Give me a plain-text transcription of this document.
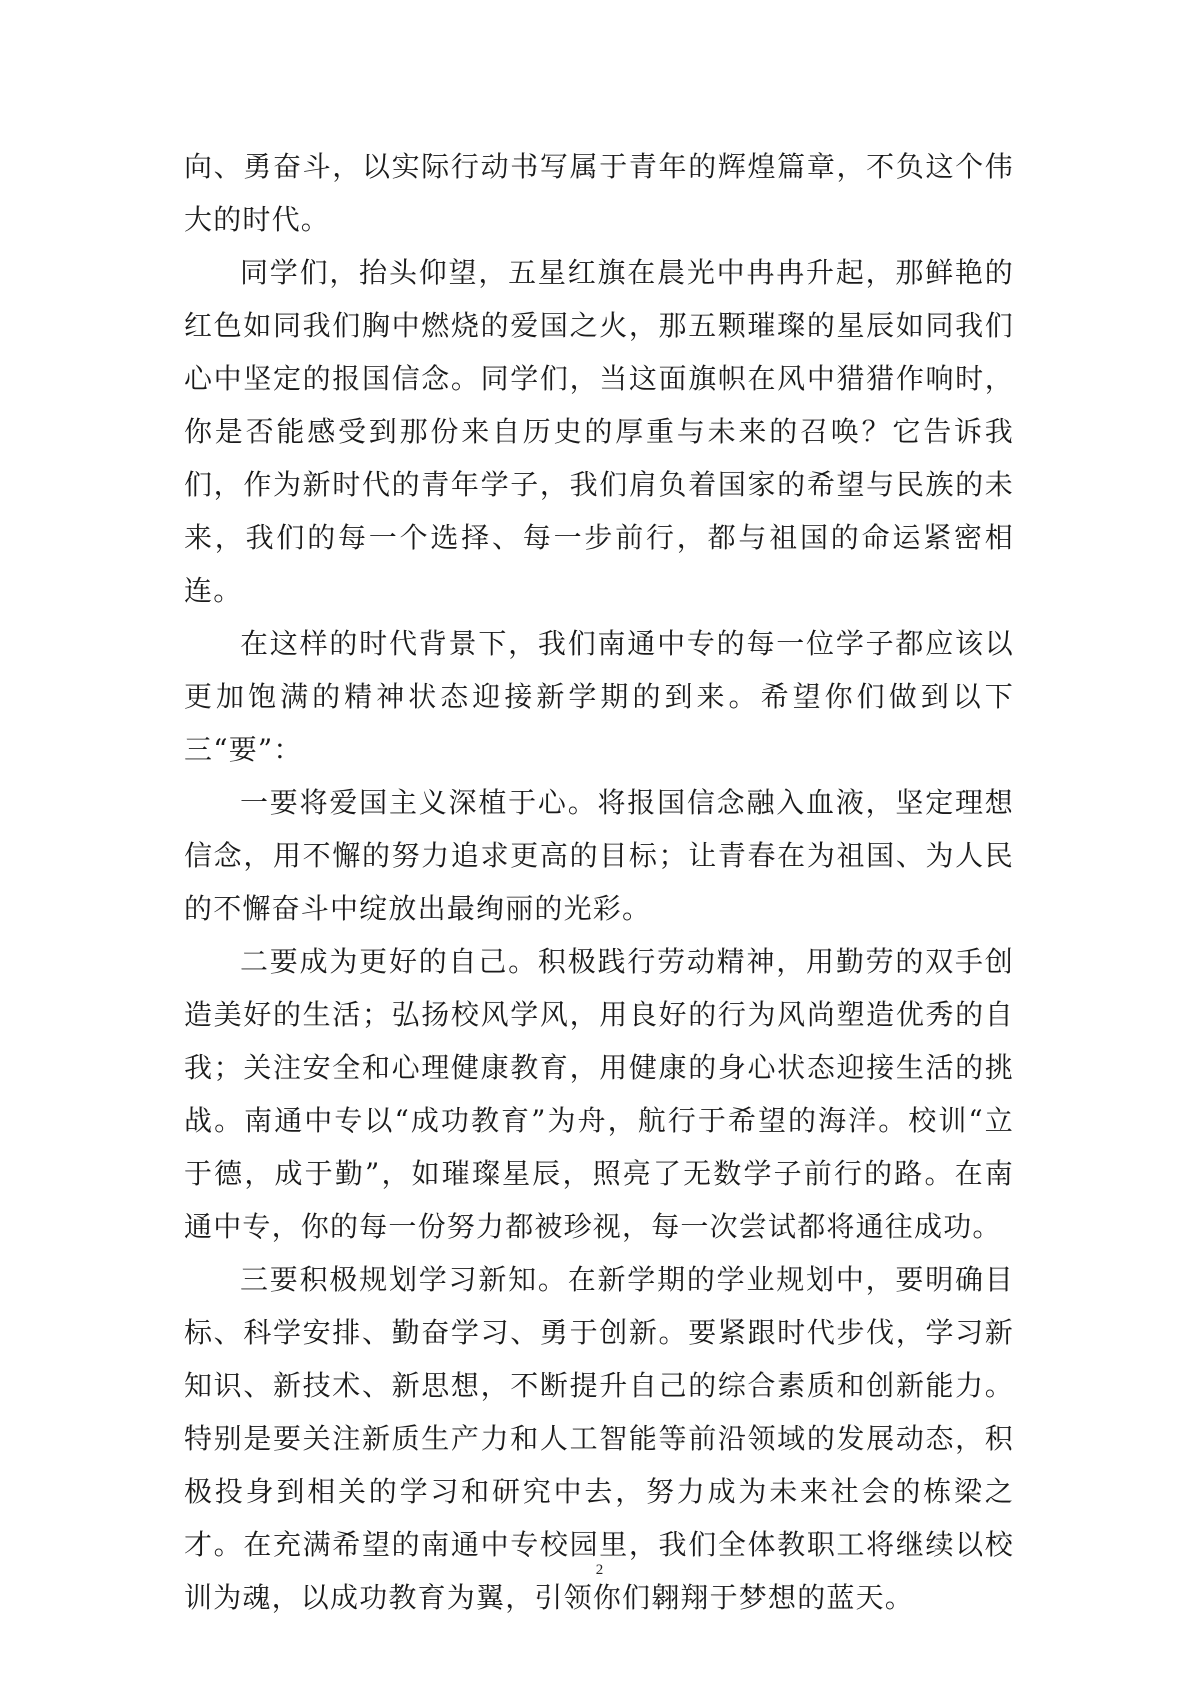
向、勇奋斗，以实际行动书写属于青年的辉煌篇章，不负这个伟大的时代。

同学们，抬头仰望，五星红旗在晨光中冉冉升起，那鲜艳的红色如同我们胸中燃烧的爱国之火，那五颗璀璨的星辰如同我们心中坚定的报国信念。同学们，当这面旗帜在风中猎猎作响时，你是否能感受到那份来自历史的厚重与未来的召唤？它告诉我们，作为新时代的青年学子，我们肩负着国家的希望与民族的未来，我们的每一个选择、每一步前行，都与祖国的命运紧密相连。

在这样的时代背景下，我们南通中专的每一位学子都应该以更加饱满的精神状态迎接新学期的到来。希望你们做到以下三“要”：

一要将爱国主义深植于心。将报国信念融入血液，坚定理想信念，用不懈的努力追求更高的目标；让青春在为祖国、为人民的不懈奋斗中绽放出最绚丽的光彩。

二要成为更好的自己。积极践行劳动精神，用勤劳的双手创造美好的生活；弘扬校风学风，用良好的行为风尚塑造优秀的自我；关注安全和心理健康教育，用健康的身心状态迎接生活的挑战。南通中专以“成功教育”为舟，航行于希望的海洋。校训“立于德，成于勤”，如璀璨星辰，照亮了无数学子前行的路。在南通中专，你的每一份努力都被珍视，每一次尝试都将通往成功。

三要积极规划学习新知。在新学期的学业规划中，要明确目标、科学安排、勤奋学习、勇于创新。要紧跟时代步伐，学习新知识、新技术、新思想，不断提升自己的综合素质和创新能力。特别是要关注新质生产力和人工智能等前沿领域的发展动态，积极投身到相关的学习和研究中去，努力成为未来社会的栋梁之才。在充满希望的南通中专校园里，我们全体教职工将继续以校训为魂，以成功教育为翼，引领你们翱翔于梦想的蓝天。

2
